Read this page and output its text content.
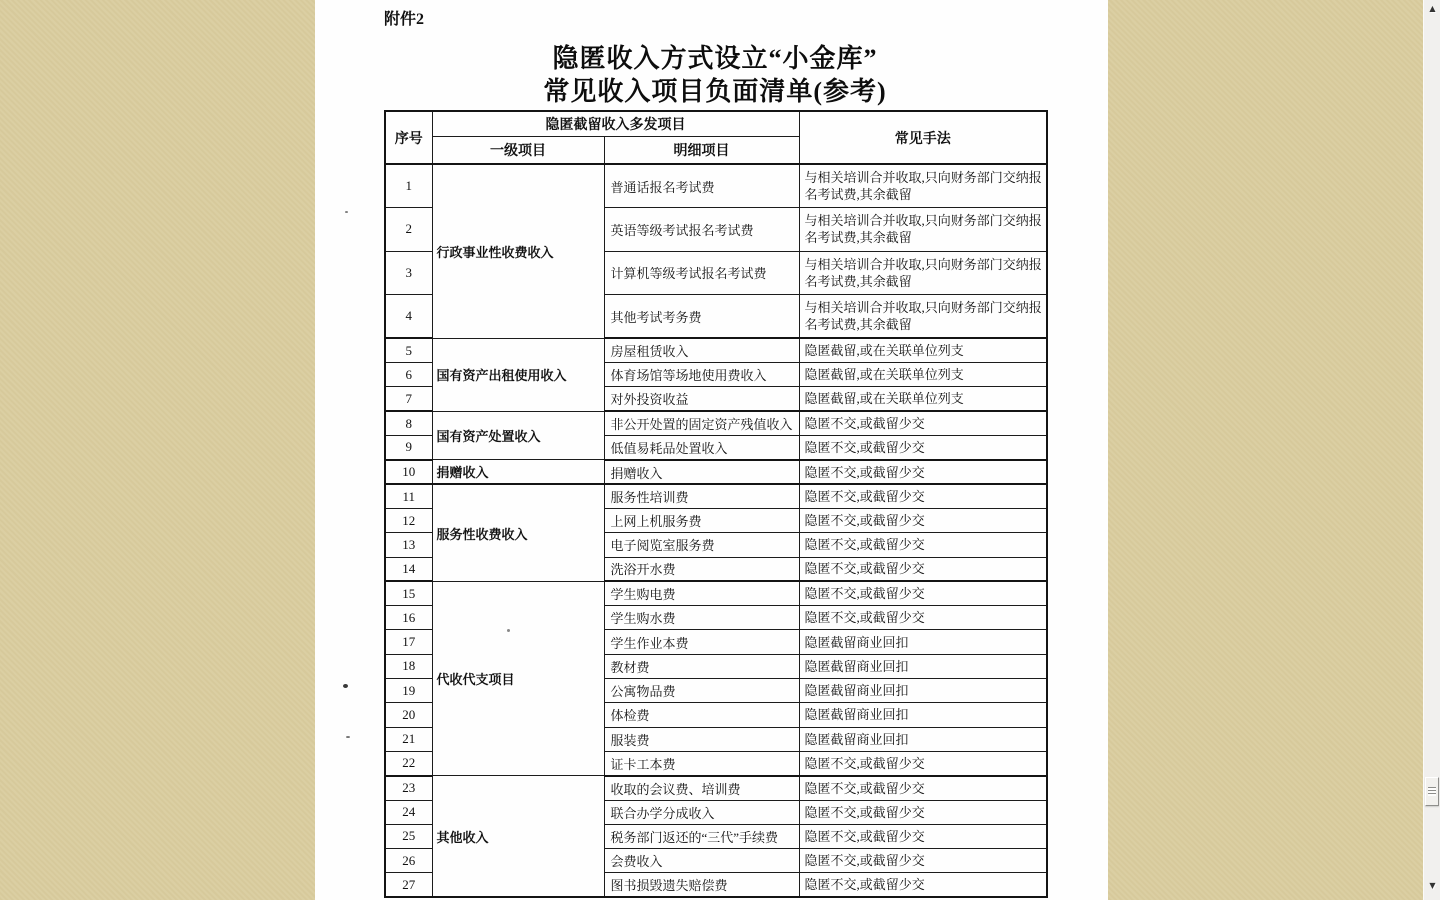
附件2
隐匿收入方式设立“小金库”
常见收入项目负面清单(参考)
序号	隐匿截留收入多发项目		常见手法
	一级项目	明细项目	
1	行政事业性收费收入	普通话报名考试费	与相关培训合并收取,只向财务部门交纳报名考试费,其余截留
2		英语等级考试报名考试费	与相关培训合并收取,只向财务部门交纳报名考试费,其余截留
3		计算机等级考试报名考试费	与相关培训合并收取,只向财务部门交纳报名考试费,其余截留
4		其他考试考务费	与相关培训合并收取,只向财务部门交纳报名考试费,其余截留
5	国有资产出租使用收入	房屋租赁收入	隐匿截留,或在关联单位列支
6		体育场馆等场地使用费收入	隐匿截留,或在关联单位列支
7		对外投资收益	隐匿截留,或在关联单位列支
8	国有资产处置收入	非公开处置的固定资产残值收入	隐匿不交,或截留少交
9		低值易耗品处置收入	隐匿不交,或截留少交
10	捐赠收入	捐赠收入	隐匿不交,或截留少交
11	服务性收费收入	服务性培训费	隐匿不交,或截留少交
12		上网上机服务费	隐匿不交,或截留少交
13		电子阅览室服务费	隐匿不交,或截留少交
14		洗浴开水费	隐匿不交,或截留少交
15	代收代支项目	学生购电费	隐匿不交,或截留少交
16		学生购水费	隐匿不交,或截留少交
17		学生作业本费	隐匿截留商业回扣
18		教材费	隐匿截留商业回扣
19		公寓物品费	隐匿截留商业回扣
20		体检费	隐匿截留商业回扣
21		服装费	隐匿截留商业回扣
22		证卡工本费	隐匿不交,或截留少交
23	其他收入	收取的会议费、培训费	隐匿不交,或截留少交
24		联合办学分成收入	隐匿不交,或截留少交
25		税务部门返还的“三代”手续费	隐匿不交,或截留少交
26		会费收入	隐匿不交,或截留少交
27		图书损毁遗失赔偿费	隐匿不交,或截留少交
▲
▼
